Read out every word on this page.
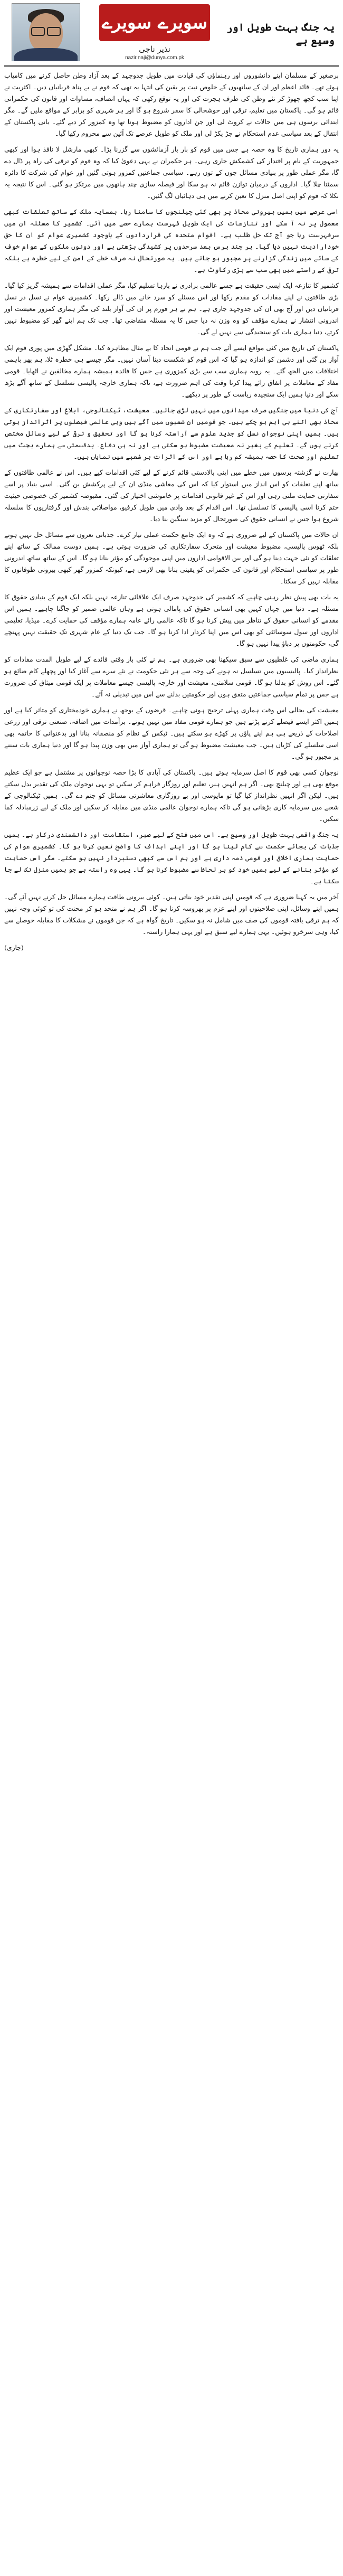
سویرے سویرے
نذیر ناجی
nazir.naji@dunya.com.pk
یہ جنگ بہت طویل اور وسیع ہے

برصغیر کے مسلمان اپنے دانشوروں اور رہنماؤں کی قیادت میں طویل جدوجہد کے بعد آزاد وطن حاصل کرنے میں کامیاب ہوئے تھے۔ قائد اعظم اور ان کے ساتھیوں کے خلوص نیت پر یقین کی انتہا یہ تھی کہ قوم نے بے پناہ قربانیاں دیں۔ اکثریت نے اپنا سب کچھ چھوڑ کر نئے وطن کی طرف ہجرت کی اور یہ توقع رکھی کہ یہاں انصاف، مساوات اور قانون کی حکمرانی قائم ہو گی۔ پاکستان میں تعلیم، ترقی اور خوشحالی کا سفر شروع ہو گا اور ہر شہری کو برابر کے مواقع ملیں گے۔ مگر ابتدائی برسوں ہی میں حالات نے کروٹ لی اور جن اداروں کو مضبوط ہونا تھا وہ کمزور کر دیے گئے۔ بانی پاکستان کے انتقال کے بعد سیاسی عدم استحکام نے جڑ پکڑ لی اور ملک کو طویل عرصے تک آئین سے محروم رکھا گیا۔

یہ دور ہماری تاریخ کا وہ حصہ ہے جس میں قوم کو بار بار آزمائشوں سے گزرنا پڑا۔ کبھی مارشل لا نافذ ہوا اور کبھی جمہوریت کے نام پر اقتدار کی کشمکش جاری رہی۔ ہر حکمران نے یہی دعویٰ کیا کہ وہ قوم کو ترقی کی راہ پر ڈال دے گا، مگر عملی طور پر بنیادی مسائل جوں کے توں رہے۔ سیاسی جماعتیں کمزور ہوتی گئیں اور عوام کی شرکت کا دائرہ سمٹتا چلا گیا۔ اداروں کے درمیان توازن قائم نہ ہو سکا اور فیصلہ سازی چند ہاتھوں میں مرتکز ہو گئی۔ اس کا نتیجہ یہ نکلا کہ قوم کو اپنی اصل منزل کا تعین کرنے میں ہی دہائیاں لگ گئیں۔

اسی عرصے میں ہمیں بیرونی محاذ پر بھی کئی چیلنجوں کا سامنا رہا۔ ہمسایہ ملک کے ساتھ تعلقات کبھی معمول پر نہ آ سکے اور تنازعات کی ایک طویل فہرست ہمارے حصے میں آئی۔ کشمیر کا مسئلہ ان میں سرفہرست رہا جو آج تک حل طلب ہے۔ اقوام متحدہ کی قراردادوں کے باوجود کشمیری عوام کو ان کا حق خودارادیت نہیں دیا گیا۔ ہر چند برس بعد سرحدوں پر کشیدگی بڑھتی ہے اور دونوں ملکوں کے عوام خوف کے سائے میں زندگی گزارنے پر مجبور ہو جاتے ہیں۔ یہ صورتحال نہ صرف خطے کے امن کے لیے خطرہ ہے بلکہ ترقی کے راستے میں بھی سب سے بڑی رکاوٹ ہے۔

کشمیر کا تنازعہ ایک ایسی حقیقت ہے جسے عالمی برادری نے بارہا تسلیم کیا، مگر عملی اقدامات سے ہمیشہ گریز کیا گیا۔ بڑی طاقتوں نے اپنے مفادات کو مقدم رکھا اور اس مسئلے کو سرد خانے میں ڈالے رکھا۔ کشمیری عوام نے نسل در نسل قربانیاں دیں اور آج بھی ان کی جدوجہد جاری ہے۔ ہم نے ہر فورم پر ان کی آواز بلند کی مگر ہماری کمزور معیشت اور اندرونی انتشار نے ہمارے مؤقف کو وہ وزن نہ دیا جس کا یہ مسئلہ متقاضی تھا۔ جب تک ہم اپنے گھر کو مضبوط نہیں کرتے، دنیا ہماری بات کو سنجیدگی سے نہیں لے گی۔

پاکستان کی تاریخ میں کئی مواقع ایسے آئے جب ہم نے قومی اتحاد کا بے مثال مظاہرہ کیا۔ مشکل گھڑی میں پوری قوم ایک آواز بن گئی اور دشمن کو اندازہ ہو گیا کہ اس قوم کو شکست دینا آسان نہیں۔ مگر جیسے ہی خطرہ ٹلا، ہم پھر باہمی اختلافات میں الجھ گئے۔ یہ رویہ ہماری سب سے بڑی کمزوری ہے جس کا فائدہ ہمیشہ ہمارے مخالفین نے اٹھایا۔ قومی مفاد کے معاملات پر اتفاق رائے پیدا کرنا وقت کی اہم ضرورت ہے، تاکہ ہماری خارجہ پالیسی تسلسل کے ساتھ آگے بڑھ سکے اور دنیا ہمیں ایک سنجیدہ ریاست کے طور پر دیکھے۔

آج کی دنیا میں جنگیں صرف میدانوں میں نہیں لڑی جاتیں۔ معیشت، ٹیکنالوجی، ابلاغ اور سفارتکاری کے محاذ بھی اتنے ہی اہم ہو چکے ہیں۔ جو قومیں ان شعبوں میں آگے ہیں وہی عالمی فیصلوں پر اثرانداز ہوتی ہیں۔ ہمیں اپنی نوجوان نسل کو جدید علوم سے آراستہ کرنا ہو گا اور تحقیق و ترقی کے لیے وسائل مختص کرنے ہوں گے۔ تعلیم کے بغیر نہ معیشت مضبوط ہو سکتی ہے اور نہ ہی دفاع۔ بدقسمتی سے ہمارے بجٹ میں تعلیم اور صحت کا حصہ ہمیشہ کم رہا ہے اور اس کے اثرات ہر شعبے میں نمایاں ہیں۔

بھارت نے گزشتہ برسوں میں خطے میں اپنی بالادستی قائم کرنے کے لیے کئی اقدامات کیے ہیں۔ اس نے عالمی طاقتوں کے ساتھ اپنے تعلقات کو اس انداز میں استوار کیا کہ اس کی معاشی منڈی ان کے لیے پرکشش بن گئی۔ اسی بنیاد پر اسے سفارتی حمایت ملتی رہی اور اس کے غیر قانونی اقدامات پر خاموشی اختیار کی گئی۔ مقبوضہ کشمیر کی خصوصی حیثیت ختم کرنا اسی پالیسی کا تسلسل تھا۔ اس اقدام کے بعد وادی میں طویل کرفیو، مواصلاتی بندش اور گرفتاریوں کا سلسلہ شروع ہوا جس نے انسانی حقوق کی صورتحال کو مزید سنگین بنا دیا۔

ان حالات میں پاکستان کے لیے ضروری ہے کہ وہ ایک جامع حکمت عملی تیار کرے۔ جذباتی نعروں سے مسائل حل نہیں ہوتے بلکہ ٹھوس پالیسی، مضبوط معیشت اور متحرک سفارتکاری کی ضرورت ہوتی ہے۔ ہمیں دوست ممالک کے ساتھ اپنے تعلقات کو نئی جہت دینا ہو گی اور بین الاقوامی اداروں میں اپنی موجودگی کو مؤثر بنانا ہو گا۔ اس کے ساتھ ساتھ اندرونی طور پر سیاسی استحکام اور قانون کی حکمرانی کو یقینی بنانا بھی لازمی ہے، کیونکہ کمزور گھر کبھی بیرونی طوفانوں کا مقابلہ نہیں کر سکتا۔

یہ بات بھی پیش نظر رہنی چاہیے کہ کشمیر کی جدوجہد صرف ایک علاقائی تنازعہ نہیں بلکہ ایک قوم کے بنیادی حقوق کا مسئلہ ہے۔ دنیا میں جہاں کہیں بھی انسانی حقوق کی پامالی ہوتی ہے وہاں عالمی ضمیر کو جاگنا چاہیے۔ ہمیں اس مقدمے کو انسانی حقوق کے تناظر میں پیش کرنا ہو گا تاکہ عالمی رائے عامہ ہمارے مؤقف کی حمایت کرے۔ میڈیا، تعلیمی اداروں اور سول سوسائٹی کو بھی اس میں اپنا کردار ادا کرنا ہو گا۔ جب تک دنیا کے عام شہری تک حقیقت نہیں پہنچے گی، حکومتوں پر دباؤ پیدا نہیں ہو گا۔

ہماری ماضی کی غلطیوں سے سبق سیکھنا بھی ضروری ہے۔ ہم نے کئی بار وقتی فائدے کے لیے طویل المدت مفادات کو نظرانداز کیا۔ پالیسیوں میں تسلسل نہ ہونے کی وجہ سے ہر نئی حکومت نے نئے سرے سے آغاز کیا اور پچھلے کام ضائع ہو گئے۔ اس روش کو بدلنا ہو گا۔ قومی سلامتی، معیشت اور خارجہ پالیسی جیسے معاملات پر ایک قومی میثاق کی ضرورت ہے جس پر تمام سیاسی جماعتیں متفق ہوں اور حکومتیں بدلنے سے اس میں تبدیلی نہ آئے۔

معیشت کی بحالی اس وقت ہماری پہلی ترجیح ہونی چاہیے۔ قرضوں کے بوجھ نے ہماری خودمختاری کو متاثر کیا ہے اور ہمیں اکثر ایسے فیصلے کرنے پڑتے ہیں جو ہمارے قومی مفاد میں نہیں ہوتے۔ برآمدات میں اضافہ، صنعتی ترقی اور زرعی اصلاحات کے ذریعے ہی ہم اپنے پاؤں پر کھڑے ہو سکتے ہیں۔ ٹیکس کے نظام کو منصفانہ بنانا اور بدعنوانی کا خاتمہ بھی اسی سلسلے کی کڑیاں ہیں۔ جب معیشت مضبوط ہو گی تو ہماری آواز میں بھی وزن پیدا ہو گا اور دنیا ہماری بات سننے پر مجبور ہو گی۔

نوجوان کسی بھی قوم کا اصل سرمایہ ہوتے ہیں۔ پاکستان کی آبادی کا بڑا حصہ نوجوانوں پر مشتمل ہے جو ایک عظیم موقع بھی ہے اور چیلنج بھی۔ اگر ہم انہیں ہنر، تعلیم اور روزگار فراہم کر سکیں تو یہی نوجوان ملک کی تقدیر بدل سکتے ہیں۔ لیکن اگر انہیں نظرانداز کیا گیا تو مایوسی اور بے روزگاری معاشرتی مسائل کو جنم دے گی۔ ہمیں ٹیکنالوجی کے شعبے میں سرمایہ کاری بڑھانی ہو گی تاکہ ہمارے نوجوان عالمی منڈی میں مقابلہ کر سکیں اور ملک کے لیے زرمبادلہ کما سکیں۔

یہ جنگ واقعی بہت طویل اور وسیع ہے۔ اس میں فتح کے لیے صبر، استقامت اور دانشمندی درکار ہے۔ ہمیں جذبات کی بجائے حکمت سے کام لینا ہو گا اور اپنے اہداف کا واضح تعین کرنا ہو گا۔ کشمیری عوام کی حمایت ہماری اخلاقی اور قومی ذمہ داری ہے اور ہم اس سے کبھی دستبردار نہیں ہو سکتے۔ مگر اس حمایت کو مؤثر بنانے کے لیے ہمیں خود کو ہر لحاظ سے مضبوط کرنا ہو گا۔ یہی وہ راستہ ہے جو ہمیں منزل تک لے جا سکتا ہے۔

آخر میں یہ کہنا ضروری ہے کہ قومیں اپنی تقدیر خود بناتی ہیں۔ کوئی بیرونی طاقت ہمارے مسائل حل کرنے نہیں آئے گی۔ ہمیں اپنے وسائل، اپنی صلاحیتوں اور اپنے عزم پر بھروسہ کرنا ہو گا۔ اگر ہم نے متحد ہو کر محنت کی تو کوئی وجہ نہیں کہ ہم ترقی یافتہ قوموں کی صف میں شامل نہ ہو سکیں۔ تاریخ گواہ ہے کہ جن قوموں نے مشکلات کا مقابلہ حوصلے سے کیا، وہی سرخرو ہوئیں۔ یہی ہمارے لیے سبق ہے اور یہی ہمارا راستہ۔

(جاری)
